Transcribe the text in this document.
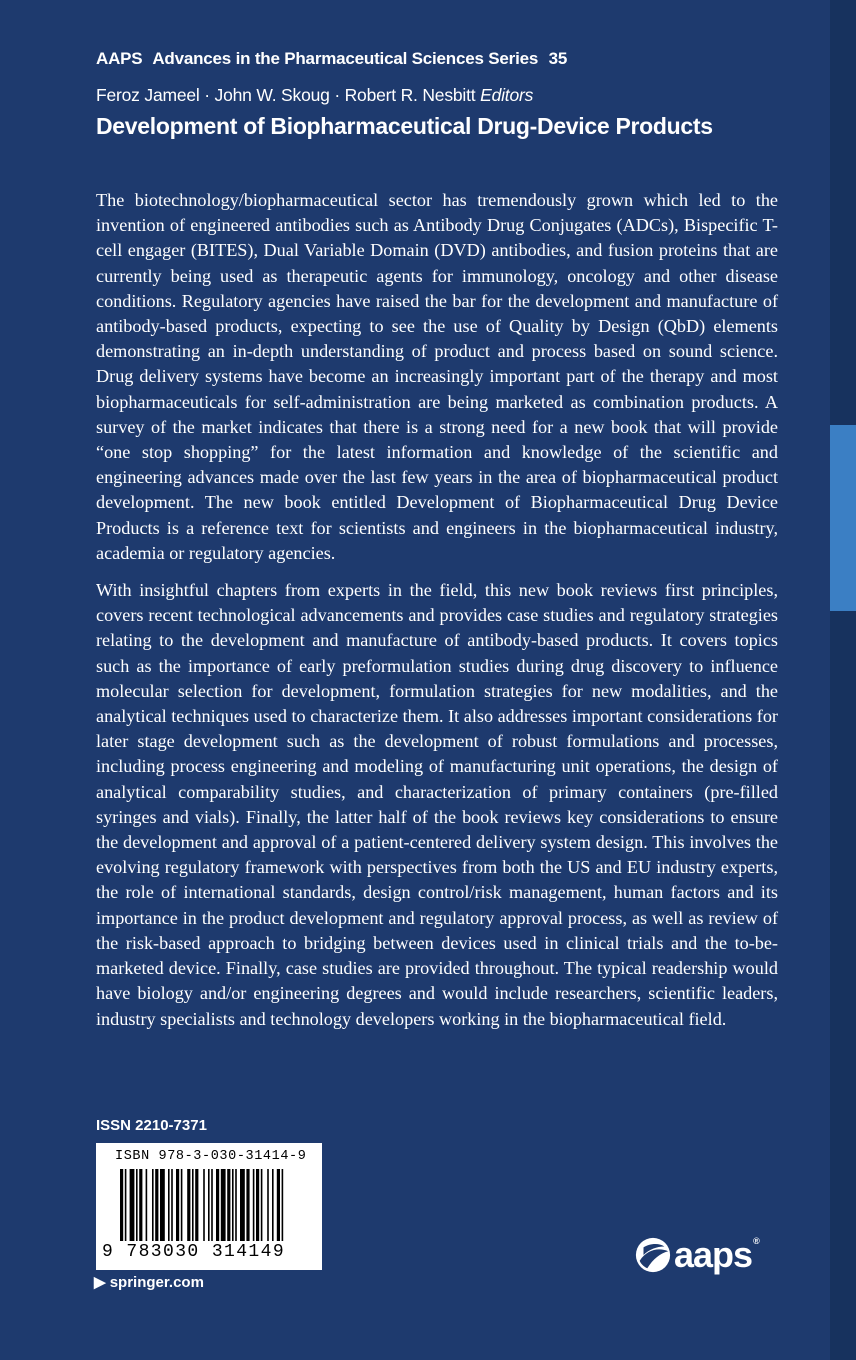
AAPS Advances in the Pharmaceutical Sciences Series 35
Feroz Jameel · John W. Skoug · Robert R. Nesbitt Editors
Development of Biopharmaceutical Drug-Device Products

The biotechnology/biopharmaceutical sector has tremendously grown which led to the invention of engineered antibodies such as Antibody Drug Conjugates (ADCs), Bispecific T-cell engager (BITES), Dual Variable Domain (DVD) antibodies, and fusion proteins that are currently being used as therapeutic agents for immunology, oncology and other disease conditions. Regulatory agencies have raised the bar for the development and manufacture of antibody-based products, expecting to see the use of Quality by Design (QbD) elements demonstrating an in-depth understanding of product and process based on sound science. Drug delivery systems have become an increasingly important part of the therapy and most biopharmaceuticals for self-administration are being marketed as combination products. A survey of the market indicates that there is a strong need for a new book that will provide “one stop shopping” for the latest information and knowledge of the scientific and engineering advances made over the last few years in the area of biopharmaceutical product development. The new book entitled Development of Biopharmaceutical Drug Device Products is a reference text for scientists and engineers in the biopharmaceutical industry, academia or regulatory agencies.

With insightful chapters from experts in the field, this new book reviews first principles, covers recent technological advancements and provides case studies and regulatory strategies relating to the development and manufacture of antibody-based products. It covers topics such as the importance of early preformulation studies during drug discovery to influence molecular selection for development, formulation strategies for new modalities, and the analytical techniques used to characterize them. It also addresses important considerations for later stage development such as the development of robust formulations and processes, including process engineering and modeling of manufacturing unit operations, the design of analytical comparability studies, and characterization of primary containers (pre-filled syringes and vials). Finally, the latter half of the book reviews key considerations to ensure the development and approval of a patient-centered delivery system design. This involves the evolving regulatory framework with perspectives from both the US and EU industry experts, the role of international standards, design control/risk management, human factors and its importance in the product development and regulatory approval process, as well as review of the risk-based approach to bridging between devices used in clinical trials and the to-be-marketed device. Finally, case studies are provided throughout. The typical readership would have biology and/or engineering degrees and would include researchers, scientific leaders, industry specialists and technology developers working in the biopharmaceutical field.

ISSN 2210-7371
ISBN 978-3-030-31414-9
9 783030 314149
▶ springer.com
aaps®
